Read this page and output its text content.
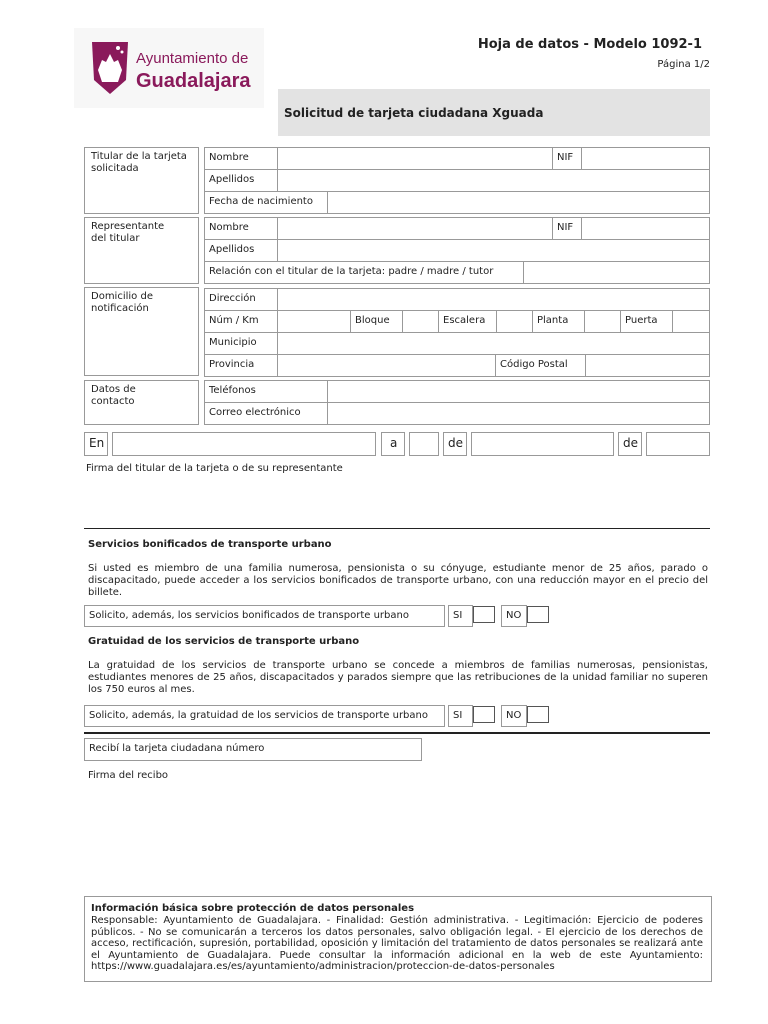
Ayuntamiento de
Guadalajara
Hoja de datos - Modelo 1092-1
Página 1/2
Solicitud de tarjeta ciudadana Xguada
Titular de la tarjeta solicitada
Nombre	NIF
Apellidos
Fecha de nacimiento
Representante del titular
Nombre	NIF
Apellidos
Relación con el titular de la tarjeta: padre / madre / tutor
Domicilio de notificación
Dirección
Núm / Km	Bloque	Escalera	Planta	Puerta
Municipio
Provincia	Código Postal
Datos de contacto
Teléfonos
Correo electrónico
En	a	de	de
Firma del titular de la tarjeta o de su representante
Servicios bonificados de transporte urbano
Si usted es miembro de una familia numerosa, pensionista o su cónyuge, estudiante menor de 25 años, parado o discapacitado, puede acceder a los servicios bonificados de transporte urbano, con una reducción mayor en el precio del billete.
Solicito, además, los servicios bonificados de transporte urbano	SI	NO
Gratuidad de los servicios de transporte urbano
La gratuidad de los servicios de transporte urbano se concede a miembros de familias numerosas, pensionistas, estudiantes menores de 25 años, discapacitados y parados siempre que las retribuciones de la unidad familiar no superen los 750 euros al mes.
Solicito, además, la gratuidad de los servicios de transporte urbano	SI	NO
Recibí la tarjeta ciudadana número
Firma del recibo
Información básica sobre protección de datos personales
Responsable: Ayuntamiento de Guadalajara. - Finalidad: Gestión administrativa. - Legitimación: Ejercicio de poderes públicos. - No se comunicarán a terceros los datos personales, salvo obligación legal. - El ejercicio de los derechos de acceso, rectificación, supresión, portabilidad, oposición y limitación del tratamiento de datos personales se realizará ante el Ayuntamiento de Guadalajara. Puede consultar la información adicional en la web de este Ayuntamiento: https://www.guadalajara.es/es/ayuntamiento/administracion/proteccion-de-datos-personales
